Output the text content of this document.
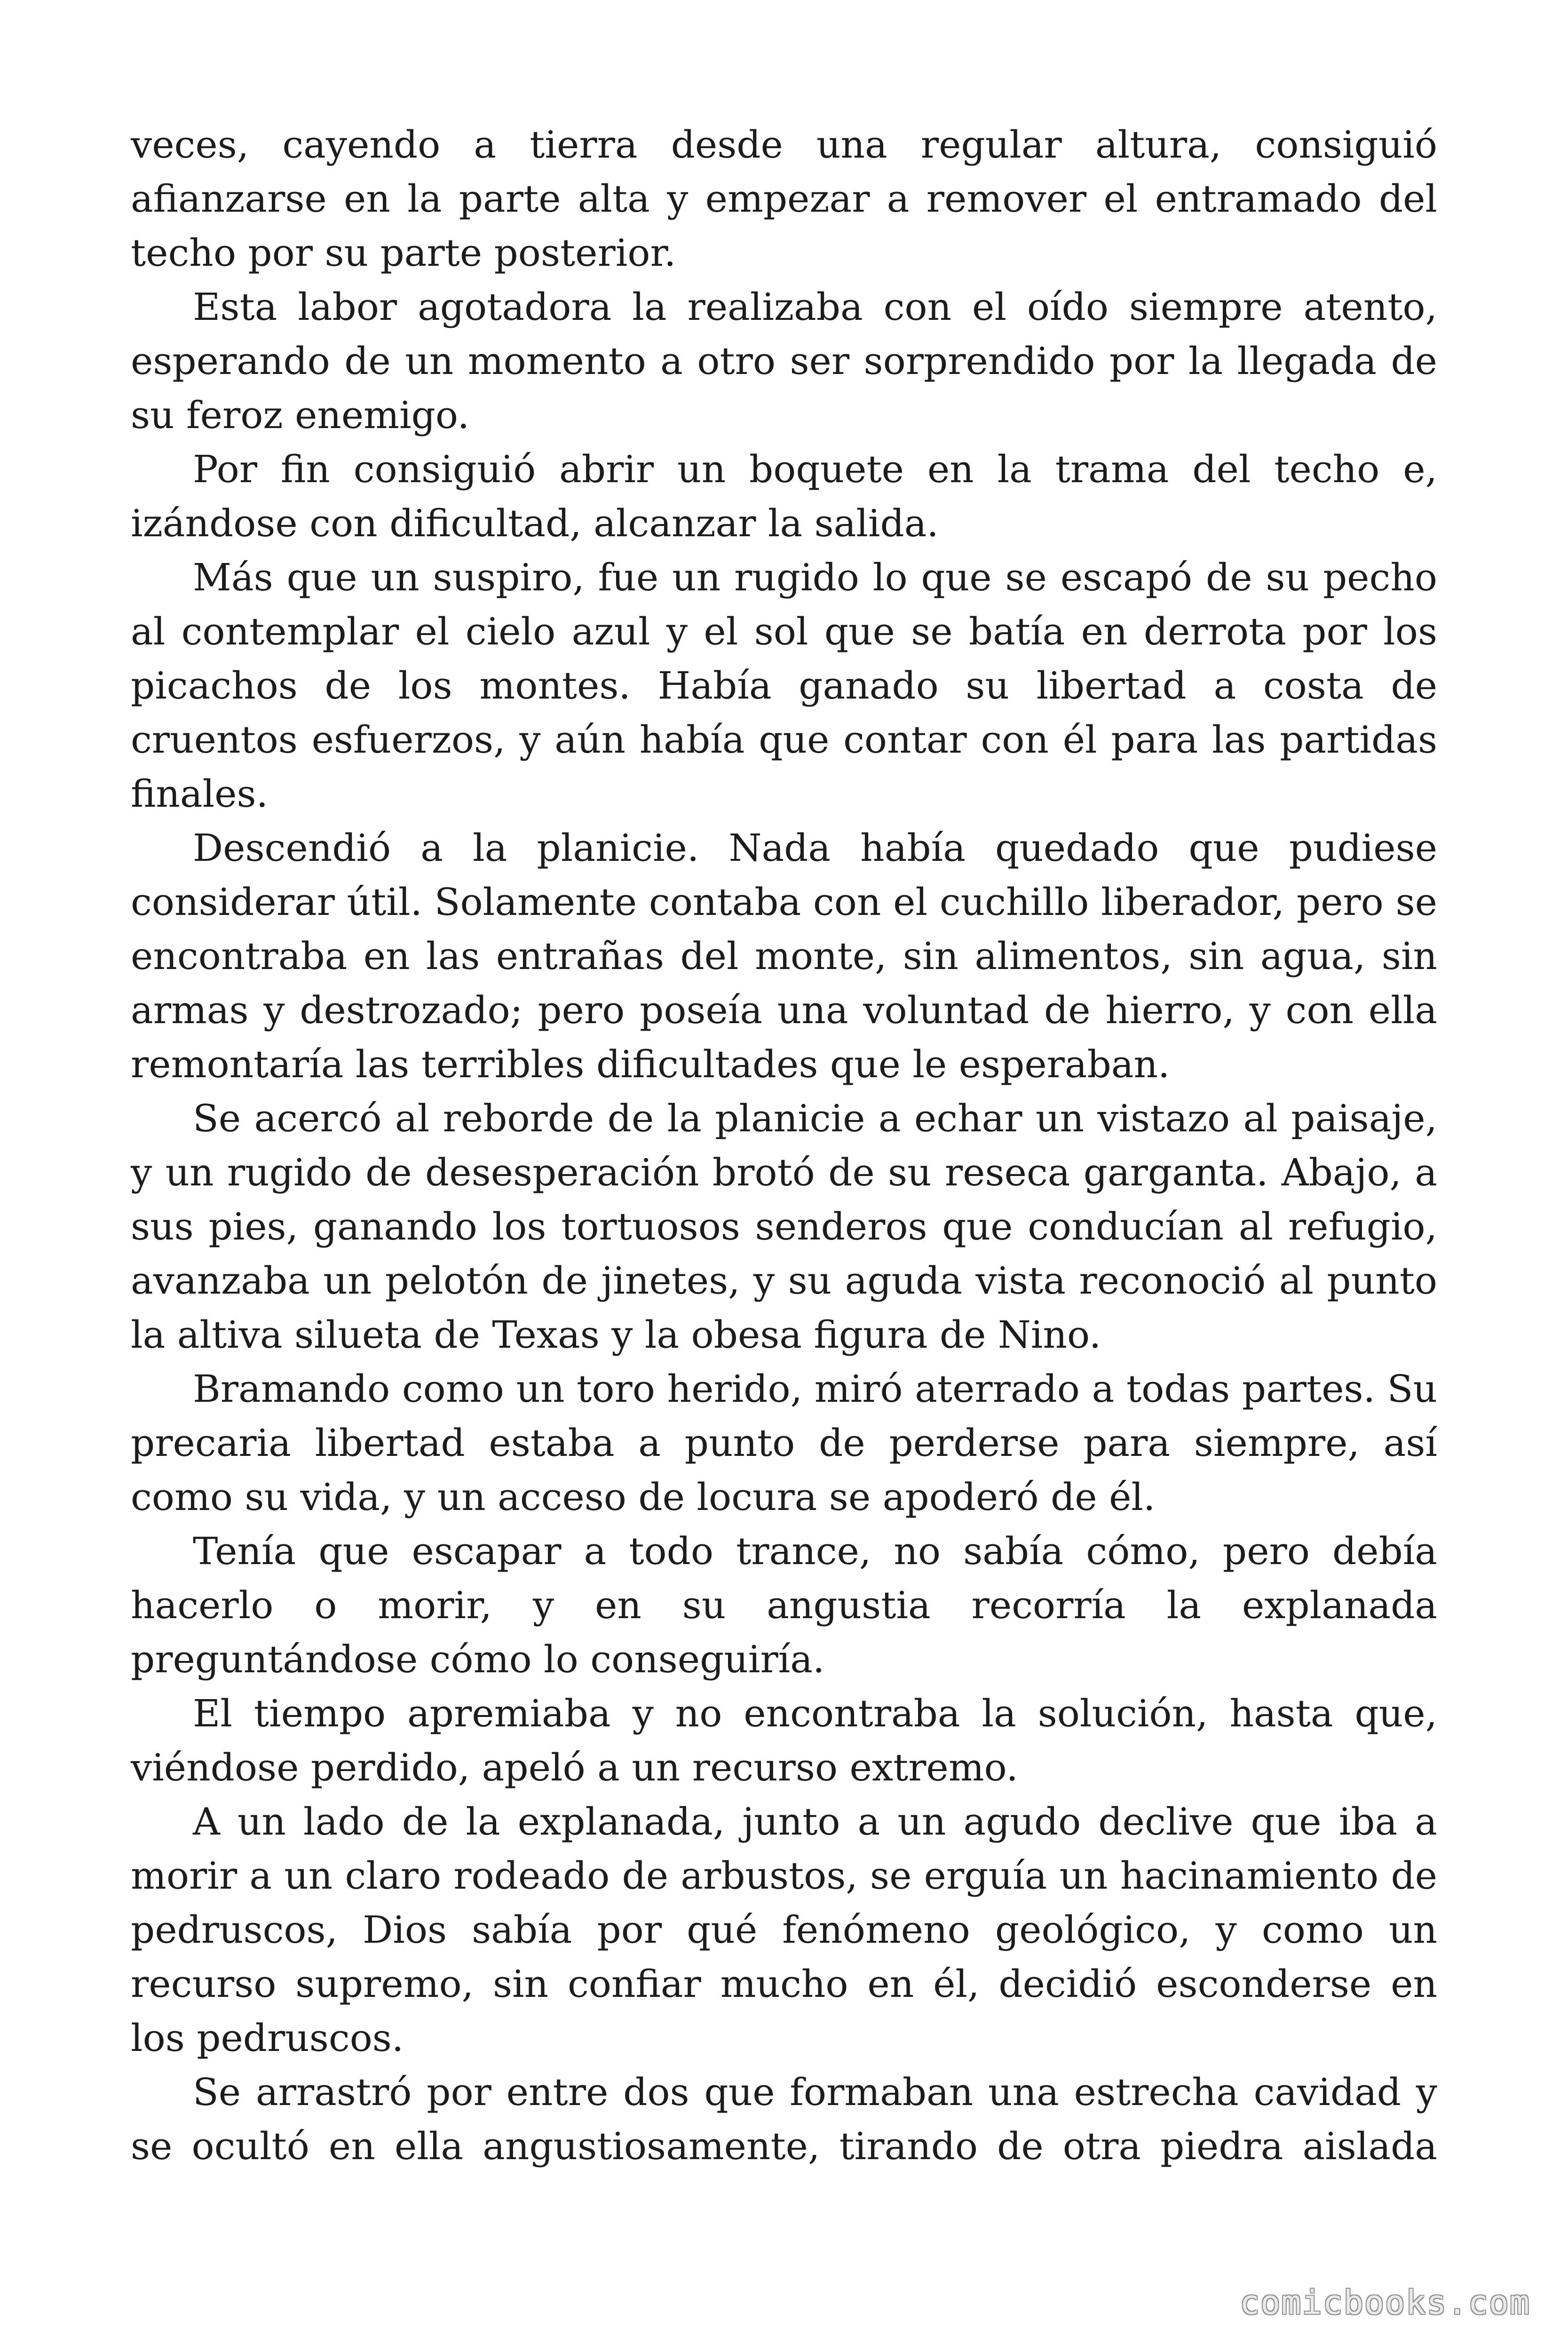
veces, cayendo a tierra desde una regular altura, consiguió afianzarse en la parte alta y empezar a remover el entramado del techo por su parte posterior.

Esta labor agotadora la realizaba con el oído siempre atento, esperando de un momento a otro ser sorprendido por la llegada de su feroz enemigo.

Por fin consiguió abrir un boquete en la trama del techo e, izándose con dificultad, alcanzar la salida.

Más que un suspiro, fue un rugido lo que se escapó de su pecho al contemplar el cielo azul y el sol que se batía en derrota por los picachos de los montes. Había ganado su libertad a costa de cruentos esfuerzos, y aún había que contar con él para las partidas finales.

Descendió a la planicie. Nada había quedado que pudiese considerar útil. Solamente contaba con el cuchillo liberador, pero se encontraba en las entrañas del monte, sin alimentos, sin agua, sin armas y destrozado; pero poseía una voluntad de hierro, y con ella remontaría las terribles dificultades que le esperaban.

Se acercó al reborde de la planicie a echar un vistazo al paisaje, y un rugido de desesperación brotó de su reseca garganta. Abajo, a sus pies, ganando los tortuosos senderos que conducían al refugio, avanzaba un pelotón de jinetes, y su aguda vista reconoció al punto la altiva silueta de Texas y la obesa figura de Nino.

Bramando como un toro herido, miró aterrado a todas partes. Su precaria libertad estaba a punto de perderse para siempre, así como su vida, y un acceso de locura se apoderó de él.

Tenía que escapar a todo trance, no sabía cómo, pero debía hacerlo o morir, y en su angustia recorría la explanada preguntándose cómo lo conseguiría.

El tiempo apremiaba y no encontraba la solución, hasta que, viéndose perdido, apeló a un recurso extremo.

A un lado de la explanada, junto a un agudo declive que iba a morir a un claro rodeado de arbustos, se erguía un hacinamiento de pedruscos, Dios sabía por qué fenómeno geológico, y como un recurso supremo, sin confiar mucho en él, decidió esconderse en los pedruscos.

Se arrastró por entre dos que formaban una estrecha cavidad y se ocultó en ella angustiosamente, tirando de otra piedra aislada

comicbooks.com
